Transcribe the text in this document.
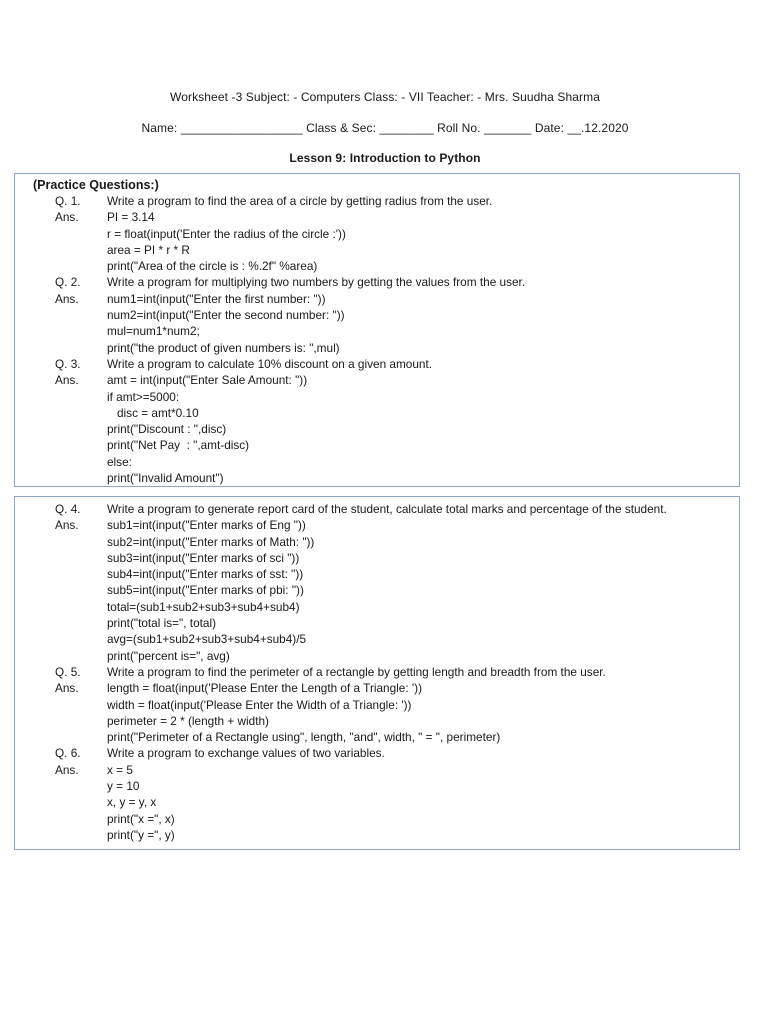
Worksheet -3 Subject: - Computers Class: - VII Teacher: - Mrs. Suudha Sharma
Name: __________________ Class & Sec: ________ Roll No. _______ Date: __.12.2020
Lesson 9: Introduction to Python
(Practice Questions:)
Q. 1.	Write a program to find the area of a circle by getting radius from the user.
Ans.	PI = 3.14
r = float(input('Enter the radius of the circle :'))
area = PI * r * R
print("Area of the circle is : %.2f" %area)
Q. 2.	Write a program for multiplying two numbers by getting the values from the user.
Ans.	num1=int(input("Enter the first number: "))
num2=int(input("Enter the second number: "))
mul=num1*num2;
print("the product of given numbers is: ",mul)
Q. 3.	Write a program to calculate 10% discount on a given amount.
Ans.	amt = int(input("Enter Sale Amount: "))
if amt>=5000:
disc = amt*0.10
print("Discount : ",disc)
print("Net Pay  : ",amt-disc)
else:
print("Invalid Amount")
Q. 4.	Write a program to generate report card of the student, calculate total marks and percentage of the student.
Ans.	sub1=int(input("Enter marks of Eng "))
sub2=int(input("Enter marks of Math: "))
sub3=int(input("Enter marks of sci "))
sub4=int(input("Enter marks of sst: "))
sub5=int(input("Enter marks of pbi: "))
total=(sub1+sub2+sub3+sub4+sub4)
print("total is=", total)
avg=(sub1+sub2+sub3+sub4+sub4)/5
print("percent is=", avg)
Q. 5.	Write a program to find the perimeter of a rectangle by getting length and breadth from the user.
Ans.	length = float(input('Please Enter the Length of a Triangle: '))
width = float(input('Please Enter the Width of a Triangle: '))
perimeter = 2 * (length + width)
print("Perimeter of a Rectangle using", length, "and", width, " = ", perimeter)
Q. 6.	Write a program to exchange values of two variables.
Ans.	x = 5
y = 10
x, y = y, x
print("x =", x)
print("y =", y)
